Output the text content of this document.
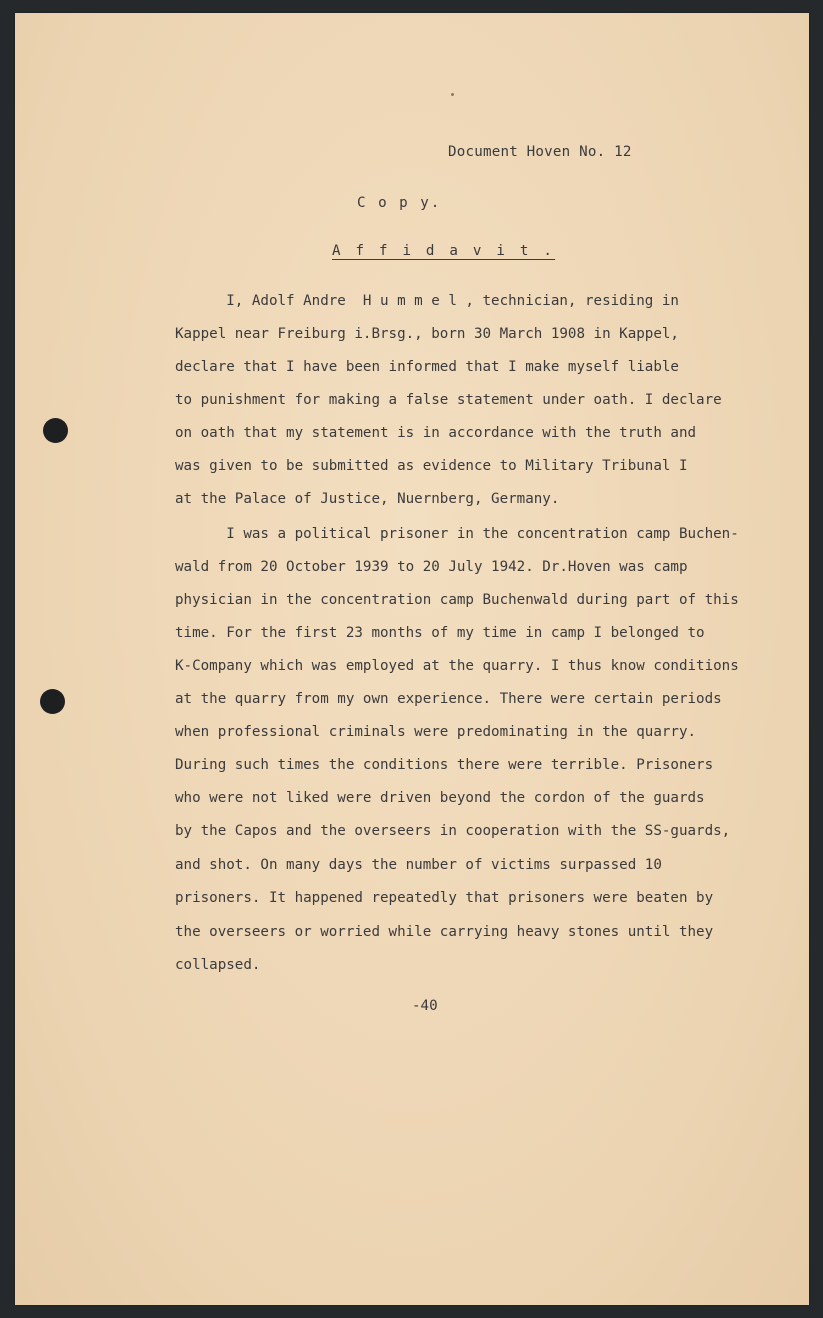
Document Hoven No. 12
C o p y.
A f f i d a v i t .
I, Adolf Andre  H u m m e l , technician, residing in
Kappel near Freiburg i.Brsg., born 30 March 1908 in Kappel,
declare that I have been informed that I make myself liable
to punishment for making a false statement under oath. I declare
on oath that my statement is in accordance with the truth and
was given to be submitted as evidence to Military Tribunal I
at the Palace of Justice, Nuernberg, Germany.
I was a political prisoner in the concentration camp Buchen-
wald from 20 October 1939 to 20 July 1942. Dr.Hoven was camp
physician in the concentration camp Buchenwald during part of this
time. For the first 23 months of my time in camp I belonged to
K-Company which was employed at the quarry. I thus know conditions
at the quarry from my own experience. There were certain periods
when professional criminals were predominating in the quarry.
During such times the conditions there were terrible. Prisoners
who were not liked were driven beyond the cordon of the guards
by the Capos and the overseers in cooperation with the SS-guards,
and shot. On many days the number of victims surpassed 10
prisoners. It happened repeatedly that prisoners were beaten by
the overseers or worried while carrying heavy stones until they
collapsed.
-40
